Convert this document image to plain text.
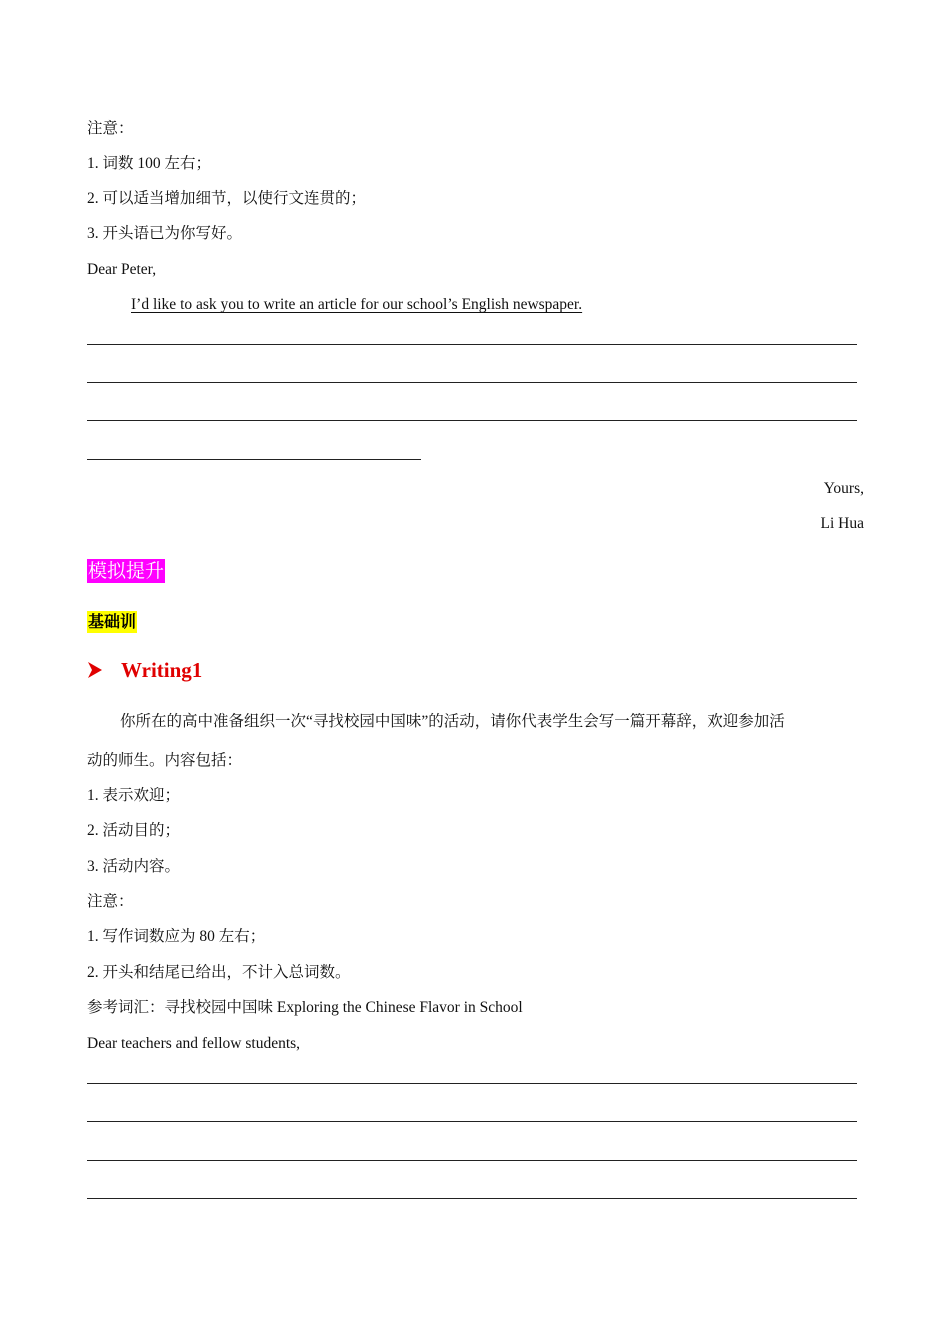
注意：
1. 词数 100 左右；
2. 可以适当增加细节，以使行文连贯的；
3. 开头语已为你写好。
Dear Peter,
I’d like to ask you to write an article for our school’s English newspaper.
Yours,
Li Hua
模拟提升
基础训
Writing1
你所在的高中准备组织一次“寻找校园中国味”的活动，请你代表学生会写一篇开幕辞，欢迎参加活
动的师生。内容包括：
1. 表示欢迎；
2. 活动目的；
3. 活动内容。
注意：
1. 写作词数应为 80 左右；
2. 开头和结尾已给出，不计入总词数。
参考词汇：寻找校园中国味 Exploring the Chinese Flavor in School
Dear teachers and fellow students,
